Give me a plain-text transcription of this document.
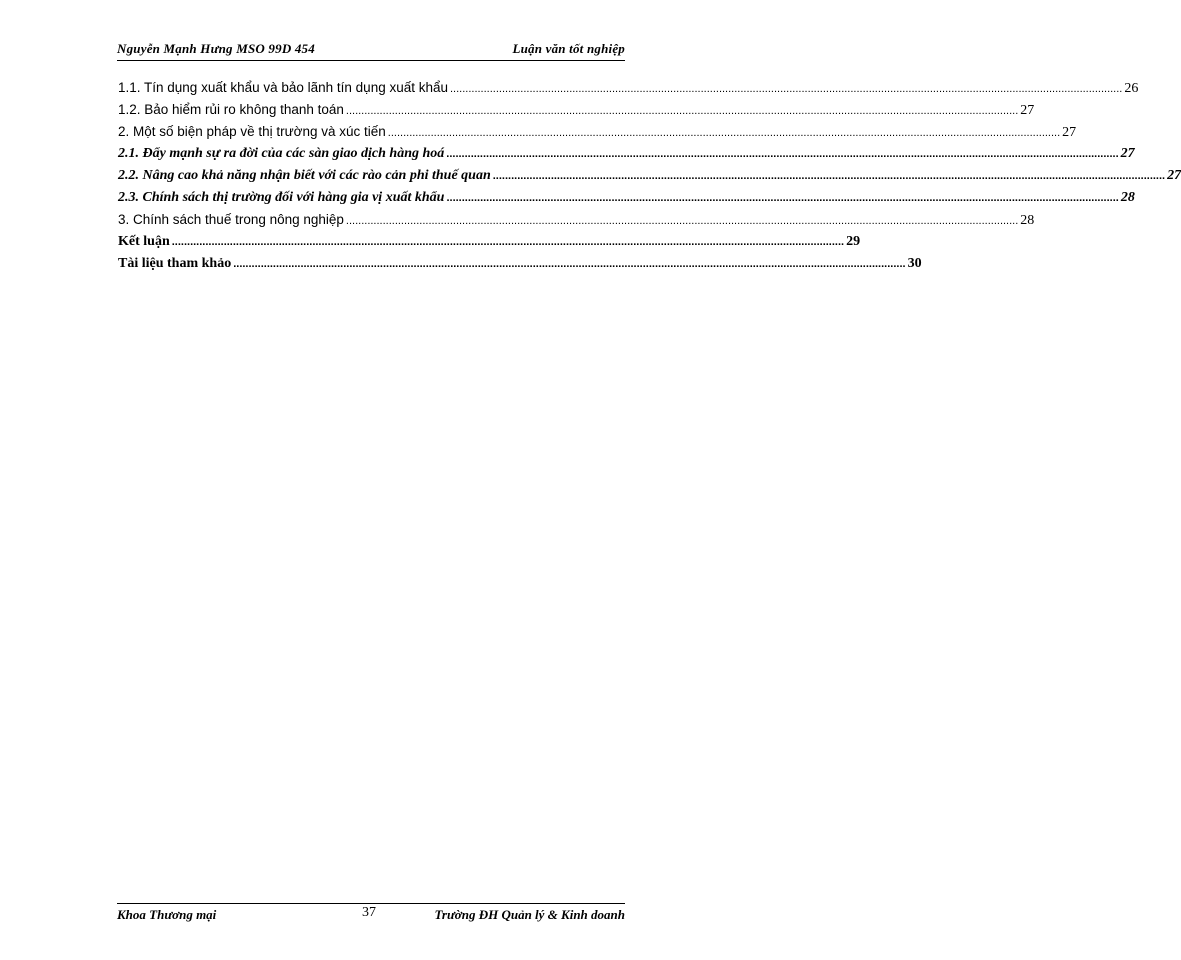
Nguyễn Mạnh Hưng MSO 99D 454	Luận văn tốt nghiệp
1.1. Tín dụng xuất khẩu và bảo lãnh tín dụng xuất khẩu ............................................................................................................................................................................................................................ 26
1.2. Bảo hiểm rủi ro không thanh toán ............................................................................................................................................................................................................................ 27
2. Một số biện pháp về thị trường và xúc tiến ............................................................................................................................................................................................................................ 27
2.1. Đẩy mạnh sự ra đời của các sàn giao dịch hàng hoá ............................................................................................................................................................................................................................ 27
2.2. Nâng cao khả năng nhận biết với các rào cản phi thuế quan ............................................................................................................................................................................................................................ 27
2.3. Chính sách thị trường đối với hàng gia vị xuất khẩu ............................................................................................................................................................................................................................ 28
3. Chính sách thuế trong nông nghiệp ............................................................................................................................................................................................................................ 28
Kết luận ............................................................................................................................................................................................................................ 29
Tài liệu tham khảo ............................................................................................................................................................................................................................ 30
Khoa Thương mại	37	Trường ĐH Quản lý & Kinh doanh
